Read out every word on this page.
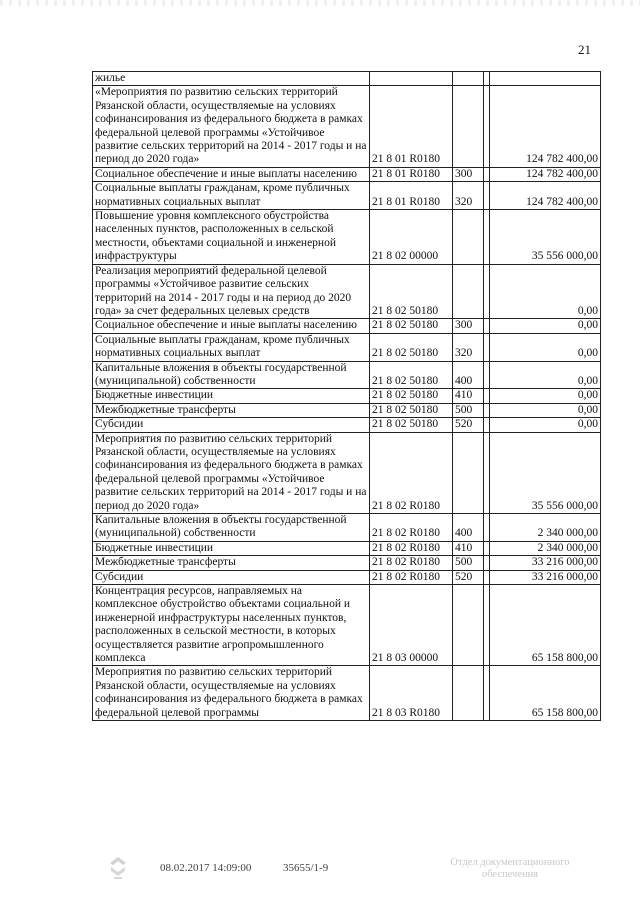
21
жилье				
«Мероприятия по развитию сельских территорий Рязанской области, осуществляемые на условиях софинансирования из федерального бюджета в рамках федеральной целевой программы «Устойчивое развитие сельских территорий на 2014 - 2017 годы и на период до 2020 года»	21 8 01 R0180			124 782 400,00
Социальное обеспечение и иные выплаты населению	21 8 01 R0180	300		124 782 400,00
Социальные выплаты гражданам, кроме публичных нормативных социальных выплат	21 8 01 R0180	320		124 782 400,00
Повышение уровня комплексного обустройства населенных пунктов, расположенных в сельской местности, объектами социальной и инженерной инфраструктуры	21 8 02 00000			35 556 000,00
Реализация мероприятий федеральной целевой программы «Устойчивое развитие сельских территорий на 2014 - 2017 годы и на период до 2020 года» за счет федеральных целевых средств	21 8 02 50180			0,00
Социальное обеспечение и иные выплаты населению	21 8 02 50180	300		0,00
Социальные выплаты гражданам, кроме публичных нормативных социальных выплат	21 8 02 50180	320		0,00
Капитальные вложения в объекты государственной (муниципальной) собственности	21 8 02 50180	400		0,00
Бюджетные инвестиции	21 8 02 50180	410		0,00
Межбюджетные трансферты	21 8 02 50180	500		0,00
Субсидии	21 8 02 50180	520		0,00
Мероприятия по развитию сельских территорий Рязанской области, осуществляемые на условиях софинансирования из федерального бюджета в рамках федеральной целевой программы «Устойчивое развитие сельских территорий на 2014 - 2017 годы и на период до 2020 года»	21 8 02 R0180			35 556 000,00
Капитальные вложения в объекты государственной (муниципальной) собственности	21 8 02 R0180	400		2 340 000,00
Бюджетные инвестиции	21 8 02 R0180	410		2 340 000,00
Межбюджетные трансферты	21 8 02 R0180	500		33 216 000,00
Субсидии	21 8 02 R0180	520		33 216 000,00
Концентрация ресурсов, направляемых на комплексное обустройство объектами социальной и инженерной инфраструктуры населенных пунктов, расположенных в сельской местности, в которых осуществляется развитие агропромышленного комплекса	21 8 03 00000			65 158 800,00
Мероприятия по развитию сельских территорий Рязанской области, осуществляемые на условиях софинансирования из федерального бюджета в рамках федеральной целевой программы	21 8 03 R0180			65 158 800,00
08.02.2017 14:09:00	35655/1-9	Отдел документационного
обеспечения
